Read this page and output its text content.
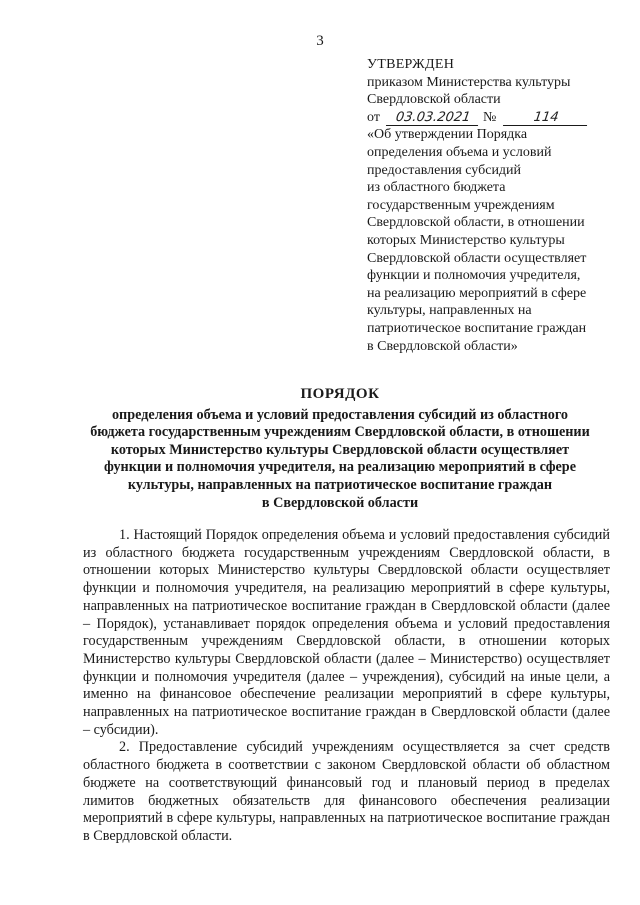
3
УТВЕРЖДЕН
приказом Министерства культуры
Свердловской области
от 03.03.2021 №	114
«Об утверждении Порядка
определения объема и условий
предоставления субсидий
из областного бюджета
государственным учреждениям
Свердловской области, в отношении
которых Министерство культуры
Свердловской области осуществляет
функции и полномочия учредителя,
на реализацию мероприятий в сфере
культуры, направленных на
патриотическое воспитание граждан
в Свердловской области»
ПОРЯДОК
определения объема и условий предоставления субсидий из областного
бюджета государственным учреждениям Свердловской области, в отношении
которых Министерство культуры Свердловской области осуществляет
функции и полномочия учредителя, на реализацию мероприятий в сфере
культуры, направленных на патриотическое воспитание граждан
в Свердловской области

1. Настоящий Порядок определения объема и условий предоставления субсидий из областного бюджета государственным учреждениям Свердловской области, в отношении которых Министерство культуры Свердловской области осуществляет функции и полномочия учредителя, на реализацию мероприятий в сфере культуры, направленных на патриотическое воспитание граждан в Свердловской области (далее – Порядок), устанавливает порядок определения объема и условий предоставления государственным учреждениям Свердловской области, в отношении которых Министерство культуры Свердловской области (далее – Министерство) осуществляет функции и полномочия учредителя (далее – учреждения), субсидий на иные цели, а именно на финансовое обеспечение реализации мероприятий в сфере культуры, направленных на патриотическое воспитание граждан в Свердловской области (далее – субсидии).

2. Предоставление субсидий учреждениям осуществляется за счет средств областного бюджета в соответствии с законом Свердловской области об областном бюджете на соответствующий финансовый год и плановый период в пределах лимитов бюджетных обязательств для финансового обеспечения реализации мероприятий в сфере культуры, направленных на патриотическое воспитание граждан в Свердловской области.
